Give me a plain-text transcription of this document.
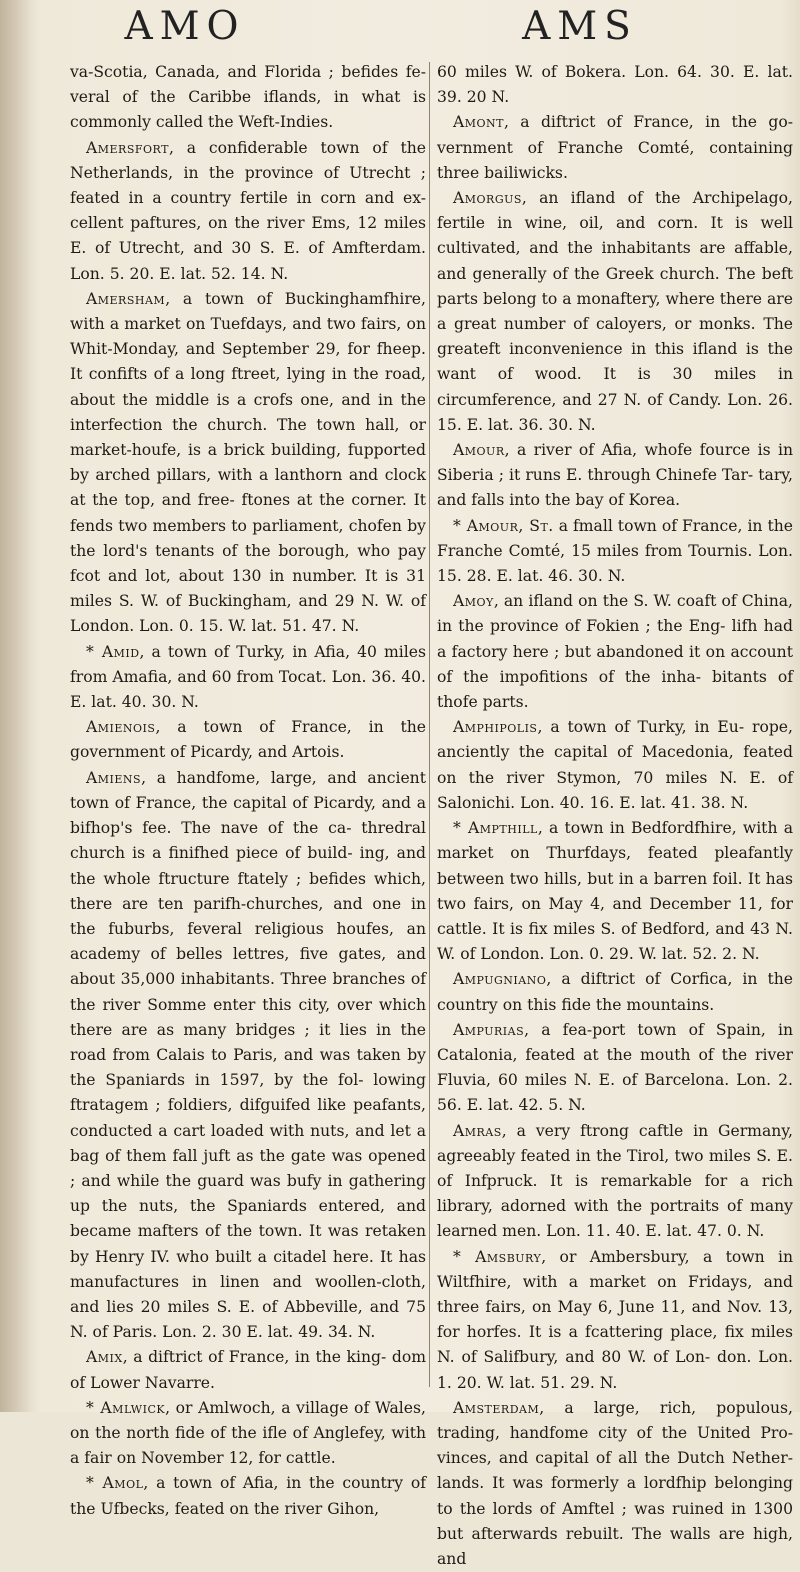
AMO	AMS

va-Scotia, Canada, and Florida ; befides fe- veral of the Caribbe iflands, in what is commonly called the Weft-Indies.

Amersfort, a confiderable town of the Netherlands, in the province of Utrecht ; feated in a country fertile in corn and ex- cellent paftures, on the river Ems, 12 miles E. of Utrecht, and 30 S. E. of Amfterdam. Lon. 5. 20. E. lat. 52. 14. N.

Amersham, a town of Buckinghamfhire, with a market on Tuefdays, and two fairs, on Whit-Monday, and September 29, for fheep. It confifts of a long ftreet, lying in the road, about the middle is a crofs one, and in the interfection the church. The town hall, or market-houfe, is a brick building, fupported by arched pillars, with a lanthorn and clock at the top, and free- ftones at the corner. It fends two members to parliament, chofen by the lord's tenants of the borough, who pay fcot and lot, about 130 in number. It is 31 miles S. W. of Buckingham, and 29 N. W. of London. Lon. 0. 15. W. lat. 51. 47. N.

* Amid, a town of Turky, in Afia, 40 miles from Amafia, and 60 from Tocat. Lon. 36. 40. E. lat. 40. 30. N.

Amienois, a town of France, in the government of Picardy, and Artois.

Amiens, a handfome, large, and ancient town of France, the capital of Picardy, and a bifhop's fee. The nave of the ca- thredral church is a finifhed piece of build- ing, and the whole ftructure ftately ; befides which, there are ten parifh-churches, and one in the fuburbs, feveral religious houfes, an academy of belles lettres, five gates, and about 35,000 inhabitants. Three branches of the river Somme enter this city, over which there are as many bridges ; it lies in the road from Calais to Paris, and was taken by the Spaniards in 1597, by the fol- lowing ftratagem ; foldiers, difguifed like peafants, conducted a cart loaded with nuts, and let a bag of them fall juft as the gate was opened ; and while the guard was bufy in gathering up the nuts, the Spaniards entered, and became mafters of the town. It was retaken by Henry IV. who built a citadel here. It has manufactures in linen and woollen-cloth, and lies 20 miles S. E. of Abbeville, and 75 N. of Paris. Lon. 2. 30 E. lat. 49. 34. N.

Amix, a diftrict of France, in the king- dom of Lower Navarre.

* Amlwick, or Amlwoch, a village of Wales, on the north fide of the ifle of Anglefey, with a fair on November 12, for cattle.

* Amol, a town of Afia, in the country of the Ufbecks, feated on the river Gihon,

60 miles W. of Bokera. Lon. 64. 30. E. lat. 39. 20 N.

Amont, a diftrict of France, in the go- vernment of Franche Comté, containing three bailiwicks.

Amorgus, an ifland of the Archipelago, fertile in wine, oil, and corn. It is well cultivated, and the inhabitants are affable, and generally of the Greek church. The beft parts belong to a monaftery, where there are a great number of caloyers, or monks. The greateft inconvenience in this ifland is the want of wood. It is 30 miles in circumference, and 27 N. of Candy. Lon. 26. 15. E. lat. 36. 30. N.

Amour, a river of Afia, whofe fource is in Siberia ; it runs E. through Chinefe Tar- tary, and falls into the bay of Korea.

* Amour, St. a fmall town of France, in the Franche Comté, 15 miles from Tournis. Lon. 15. 28. E. lat. 46. 30. N.

Amoy, an ifland on the S. W. coaft of China, in the province of Fokien ; the Eng- lifh had a factory here ; but abandoned it on account of the impofitions of the inha- bitants of thofe parts.

Amphipolis, a town of Turky, in Eu- rope, anciently the capital of Macedonia, feated on the river Stymon, 70 miles N. E. of Salonichi. Lon. 40. 16. E. lat. 41. 38. N.

* Ampthill, a town in Bedfordfhire, with a market on Thurfdays, feated pleafantly between two hills, but in a barren foil. It has two fairs, on May 4, and December 11, for cattle. It is fix miles S. of Bedford, and 43 N. W. of London. Lon. 0. 29. W. lat. 52. 2. N.

Ampugniano, a diftrict of Corfica, in the country on this fide the mountains.

Ampurias, a fea-port town of Spain, in Catalonia, feated at the mouth of the river Fluvia, 60 miles N. E. of Barcelona. Lon. 2. 56. E. lat. 42. 5. N.

Amras, a very ftrong caftle in Germany, agreeably feated in the Tirol, two miles S. E. of Infpruck. It is remarkable for a rich library, adorned with the portraits of many learned men. Lon. 11. 40. E. lat. 47. 0. N.

* Amsbury, or Ambersbury, a town in Wiltfhire, with a market on Fridays, and three fairs, on May 6, June 11, and Nov. 13, for horfes. It is a fcattering place, fix miles N. of Salifbury, and 80 W. of Lon- don. Lon. 1. 20. W. lat. 51. 29. N.

Amsterdam, a large, rich, populous, trading, handfome city of the United Pro- vinces, and capital of all the Dutch Nether- lands. It was formerly a lordfhip belonging to the lords of Amftel ; was ruined in 1300 but afterwards rebuilt. The walls are high, and
